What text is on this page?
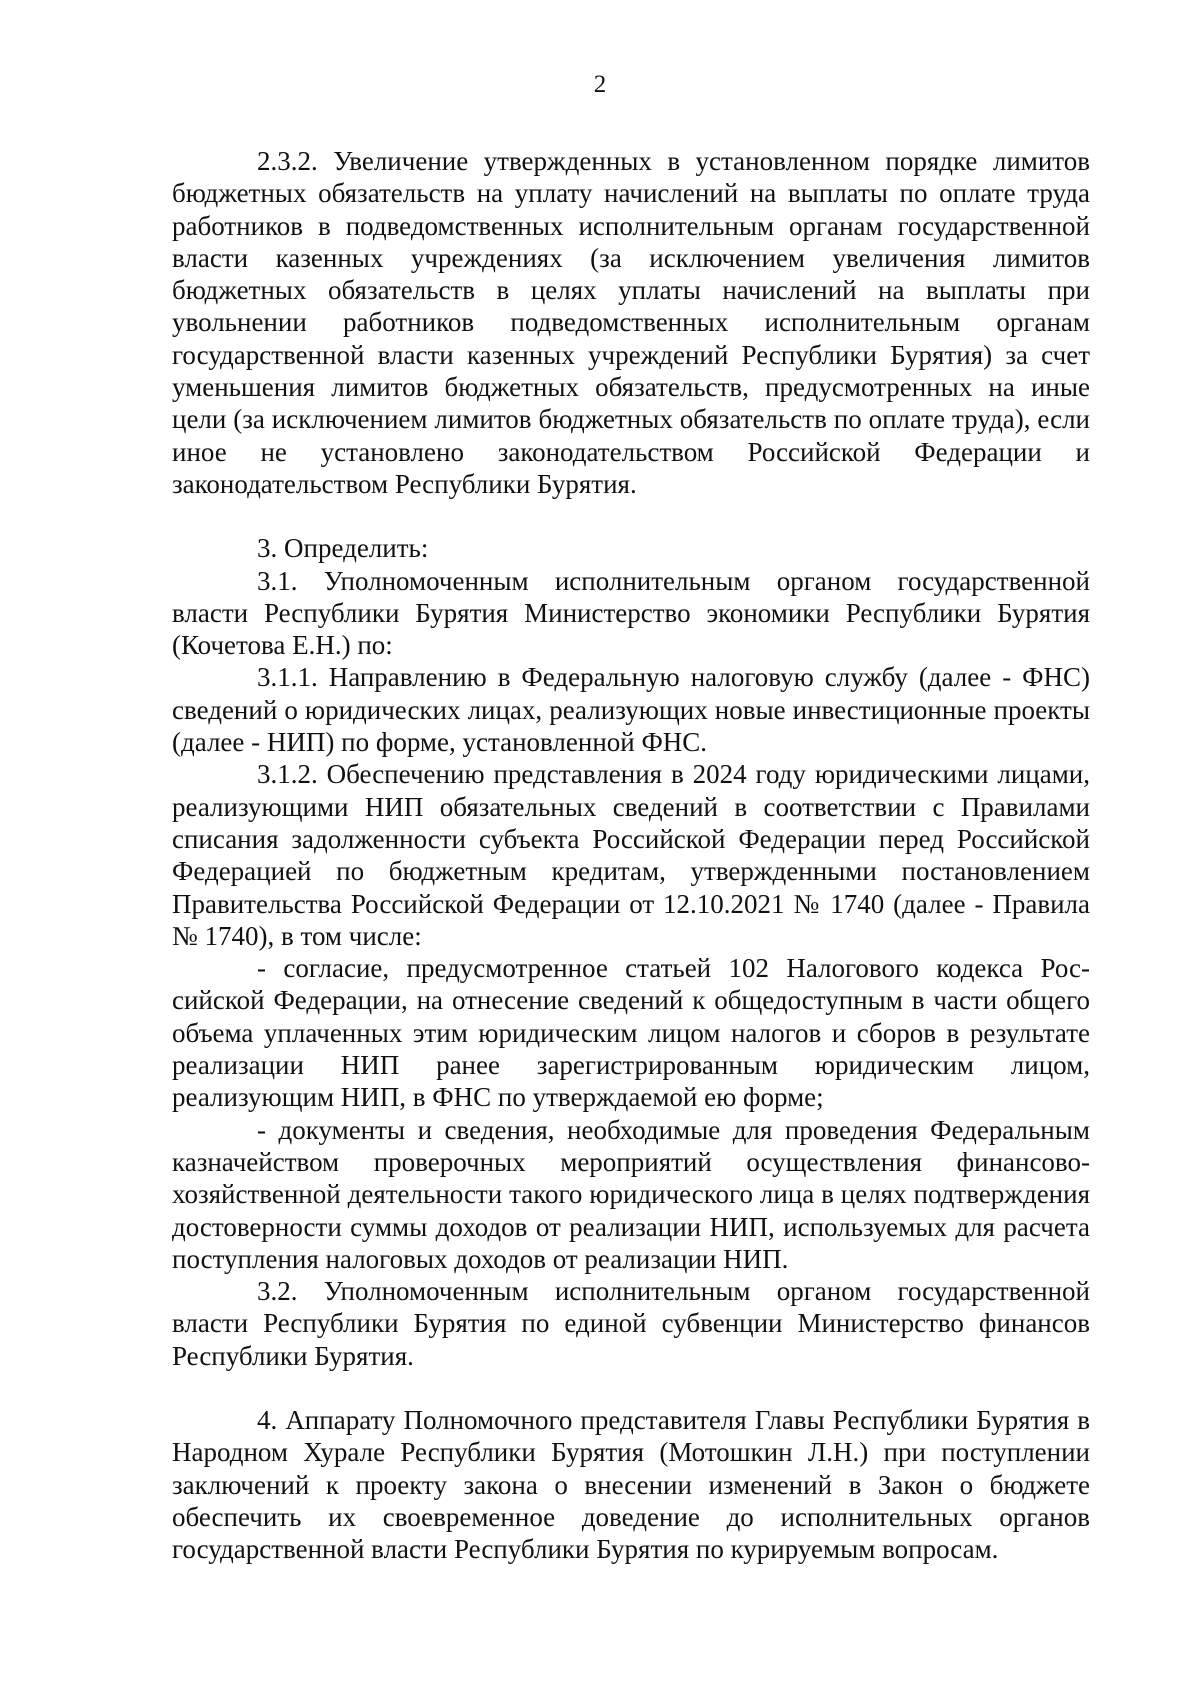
2

2.3.2. Увеличение утвержденных в установленном порядке лимитов бюджетных обязательств на уплату начислений на выплаты по оплате труда работников в подведомственных исполнительным органам государственной власти казенных учреждениях (за исключением увеличения лимитов бюджетных обязательств в целях уплаты начислений на выплаты при увольнении работников подведомственных исполнительным органам государственной власти казенных учреждений Республики Бурятия) за счет уменьшения лимитов бюджетных обязательств, предусмотренных на иные цели (за исключением лимитов бюджетных обязательств по оплате труда), если иное не установлено законодательством Российской Федерации и законодательством Республики Бурятия.

3. Определить:

3.1. Уполномоченным исполнительным органом государственной власти Республики Бурятия Министерство экономики Республики Бурятия (Кочетова Е.Н.) по:

3.1.1. Направлению в Федеральную налоговую службу (далее - ФНС) сведений о юридических лицах, реализующих новые инвестиционные проекты (далее - НИП) по форме, установленной ФНС.

3.1.2. Обеспечению представления в 2024 году юридическими лицами, реализующими НИП обязательных сведений в соответствии с Правилами списания задолженности субъекта Российской Федерации перед Российской Федерацией по бюджетным кредитам, утвержденными постановлением Правительства Российской Федерации от 12.10.2021 № 1740 (далее - Правила № 1740), в том числе:

- согласие, предусмотренное статьей 102 Налогового кодекса Российской Федерации, на отнесение сведений к общедоступным в части общего объема уплаченных этим юридическим лицом налогов и сборов в результате реализации НИП ранее зарегистрированным юридическим лицом, реализующим НИП, в ФНС по утверждаемой ею форме;

- документы и сведения, необходимые для проведения Федеральным казначейством проверочных мероприятий осуществления финансово-хозяйственной деятельности такого юридического лица в целях подтверждения достоверности суммы доходов от реализации НИП, используемых для расчета поступления налоговых доходов от реализации НИП.

3.2. Уполномоченным исполнительным органом государственной власти Республики Бурятия по единой субвенции Министерство финансов Республики Бурятия.

4. Аппарату Полномочного представителя Главы Республики Бурятия в Народном Хурале Республики Бурятия (Мотошкин Л.Н.) при поступлении заключений к проекту закона о внесении изменений в Закон о бюджете обеспечить их своевременное доведение до исполнительных органов государственной власти Республики Бурятия по курируемым вопросам.
